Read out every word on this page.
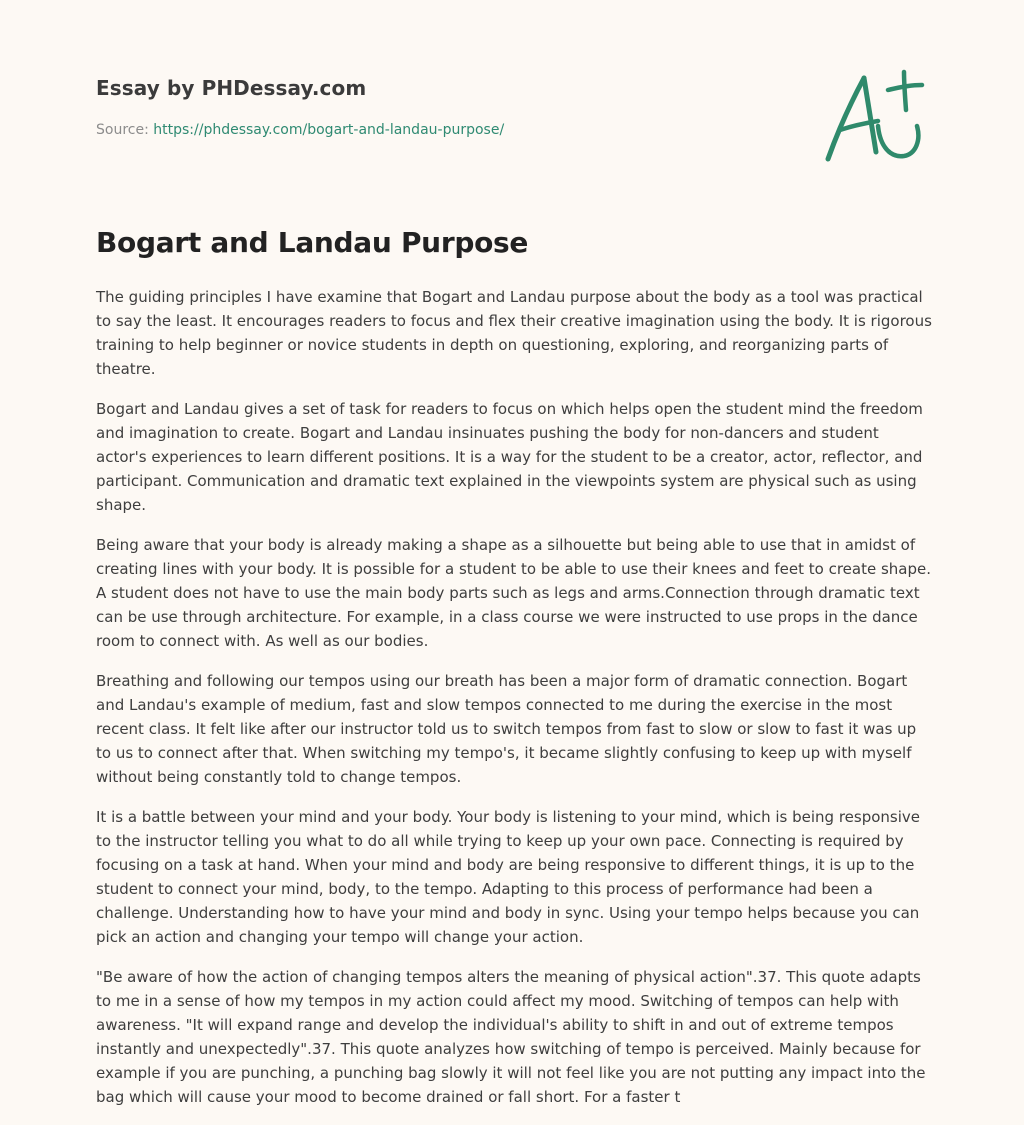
Essay by PHDessay.com
Source: https://phdessay.com/bogart-and-landau-purpose/
Bogart and Landau Purpose

The guiding principles I have examine that Bogart and Landau purpose about the body as a tool was practical to say the least. It encourages readers to focus and flex their creative imagination using the body. It is rigorous training to help beginner or novice students in depth on questioning, exploring, and reorganizing parts of theatre.

Bogart and Landau gives a set of task for readers to focus on which helps open the student mind the freedom and imagination to create. Bogart and Landau insinuates pushing the body for non-dancers and student actor's experiences to learn different positions. It is a way for the student to be a creator, actor, reflector, and participant. Communication and dramatic text explained in the viewpoints system are physical such as using shape.

Being aware that your body is already making a shape as a silhouette but being able to use that in amidst of creating lines with your body. It is possible for a student to be able to use their knees and feet to create shape. A student does not have to use the main body parts such as legs and arms.Connection through dramatic text can be use through architecture. For example, in a class course we were instructed to use props in the dance room to connect with. As well as our bodies.

Breathing and following our tempos using our breath has been a major form of dramatic connection. Bogart and Landau's example of medium, fast and slow tempos connected to me during the exercise in the most recent class. It felt like after our instructor told us to switch tempos from fast to slow or slow to fast it was up to us to connect after that. When switching my tempo's, it became slightly confusing to keep up with myself without being constantly told to change tempos.

It is a battle between your mind and your body. Your body is listening to your mind, which is being responsive to the instructor telling you what to do all while trying to keep up your own pace. Connecting is required by focusing on a task at hand. When your mind and body are being responsive to different things, it is up to the student to connect your mind, body, to the tempo. Adapting to this process of performance had been a challenge. Understanding how to have your mind and body in sync. Using your tempo helps because you can pick an action and changing your tempo will change your action.

"Be aware of how the action of changing tempos alters the meaning of physical action".37. This quote adapts to me in a sense of how my tempos in my action could affect my mood. Switching of tempos can help with awareness. "It will expand range and develop the individual's ability to shift in and out of extreme tempos instantly and unexpectedly".37. This quote analyzes how switching of tempo is perceived. Mainly because for example if you are punching, a punching bag slowly it will not feel like you are not putting any impact into the bag which will cause your mood to become drained or fall short. For a faster t
